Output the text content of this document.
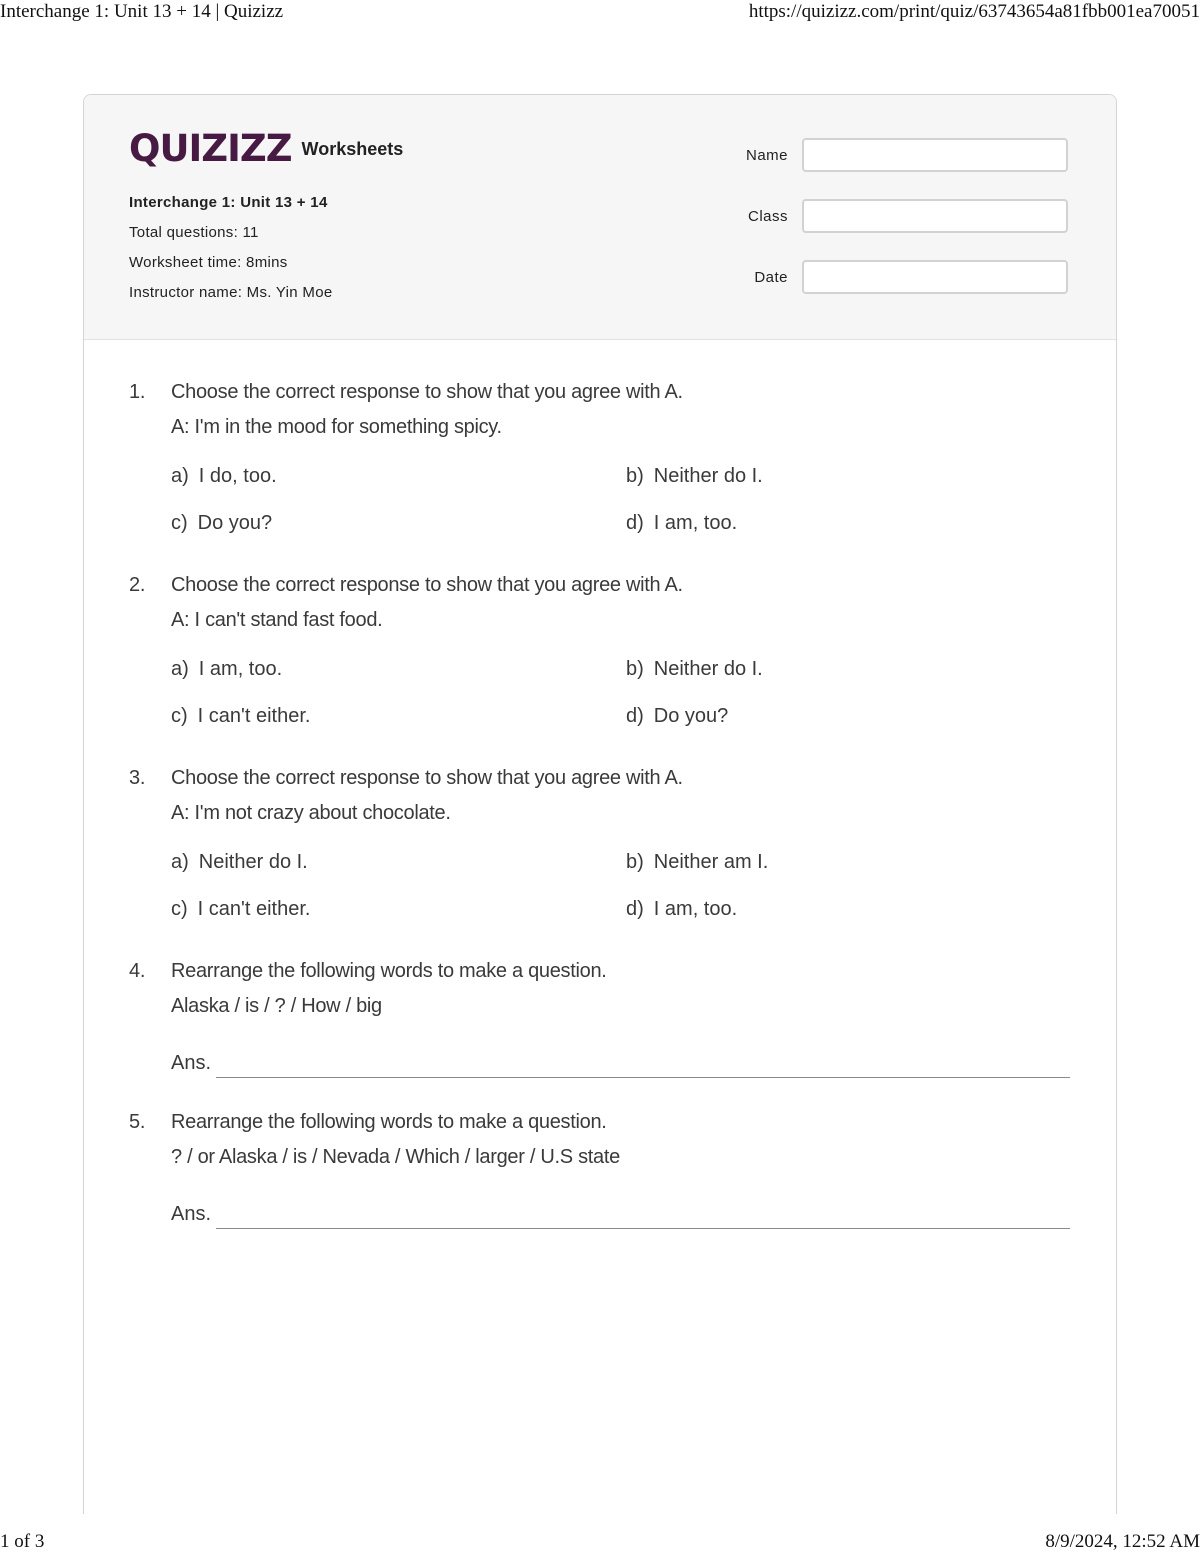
Interchange 1: Unit 13 + 14 | Quizizz	https://quizizz.com/print/quiz/63743654a81fbb001ea70051
QUIZIZZ Worksheets
Interchange 1: Unit 13 + 14
Total questions: 11
Worksheet time: 8mins
Instructor name: Ms. Yin Moe
Name
Class
Date
1.	Choose the correct response to show that you agree with A.
A: I'm in the mood for something spicy.
a) I do, too.	b) Neither do I.
c) Do you?	d) I am, too.
2.	Choose the correct response to show that you agree with A.
A: I can't stand fast food.
a) I am, too.	b) Neither do I.
c) I can't either.	d) Do you?
3.	Choose the correct response to show that you agree with A.
A: I'm not crazy about chocolate.
a) Neither do I.	b) Neither am I.
c) I can't either.	d) I am, too.
4.	Rearrange the following words to make a question.
Alaska / is / ? / How / big
Ans.
5.	Rearrange the following words to make a question.
? / or Alaska / is / Nevada / Which / larger / U.S state
Ans.
1 of 3	8/9/2024, 12:52 AM
